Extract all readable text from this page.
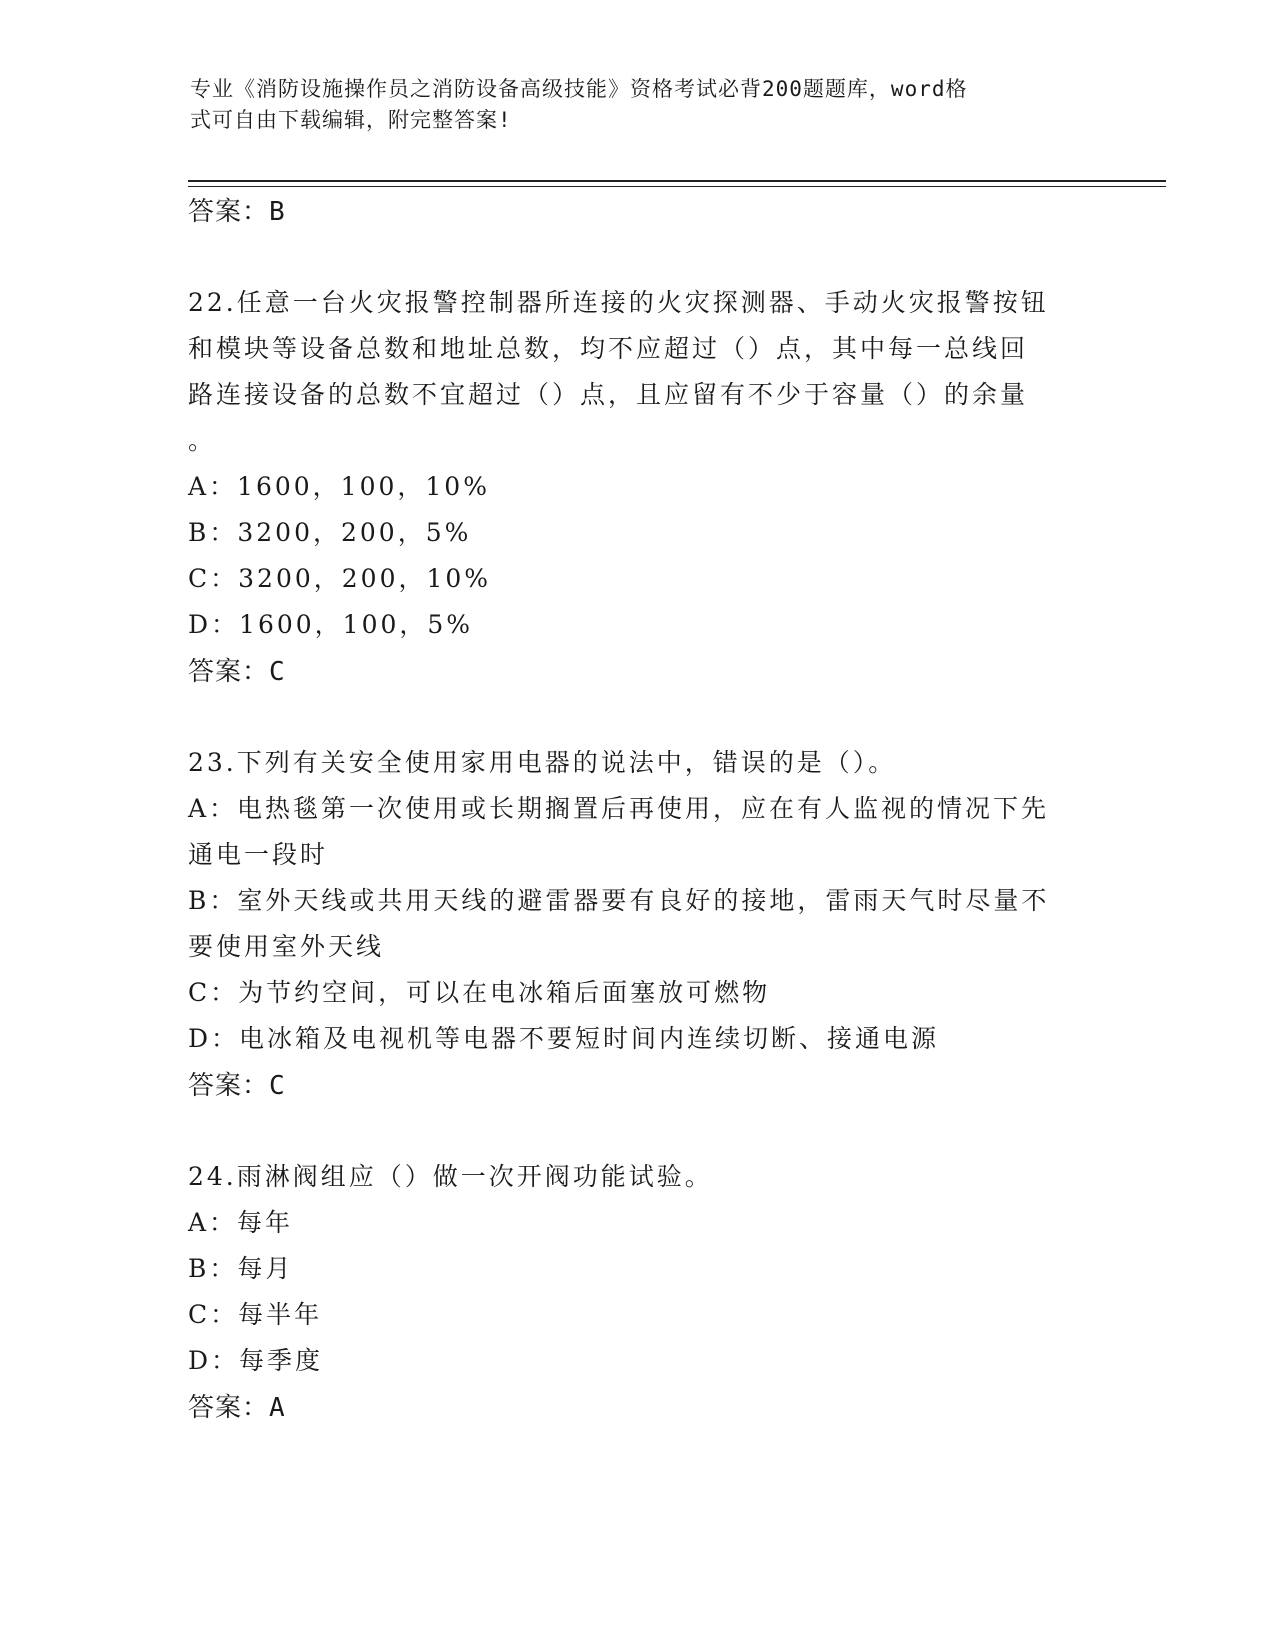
专业《消防设施操作员之消防设备高级技能》资格考试必背200题题库，word格
式可自由下载编辑，附完整答案!
答案：B
22.任意一台火灾报警控制器所连接的火灾探测器、手动火灾报警按钮
和模块等设备总数和地址总数，均不应超过（）点，其中每一总线回
路连接设备的总数不宜超过（）点，且应留有不少于容量（）的余量
。
A：1600，100，10%
B：3200，200，5%
C：3200，200，10%
D：1600，100，5%
答案：C
23.下列有关安全使用家用电器的说法中，错误的是（）。
A：电热毯第一次使用或长期搁置后再使用，应在有人监视的情况下先
通电一段时
B：室外天线或共用天线的避雷器要有良好的接地，雷雨天气时尽量不
要使用室外天线
C：为节约空间，可以在电冰箱后面塞放可燃物
D：电冰箱及电视机等电器不要短时间内连续切断、接通电源
答案：C
24.雨淋阀组应（）做一次开阀功能试验。
A：每年
B：每月
C：每半年
D：每季度
答案：A
